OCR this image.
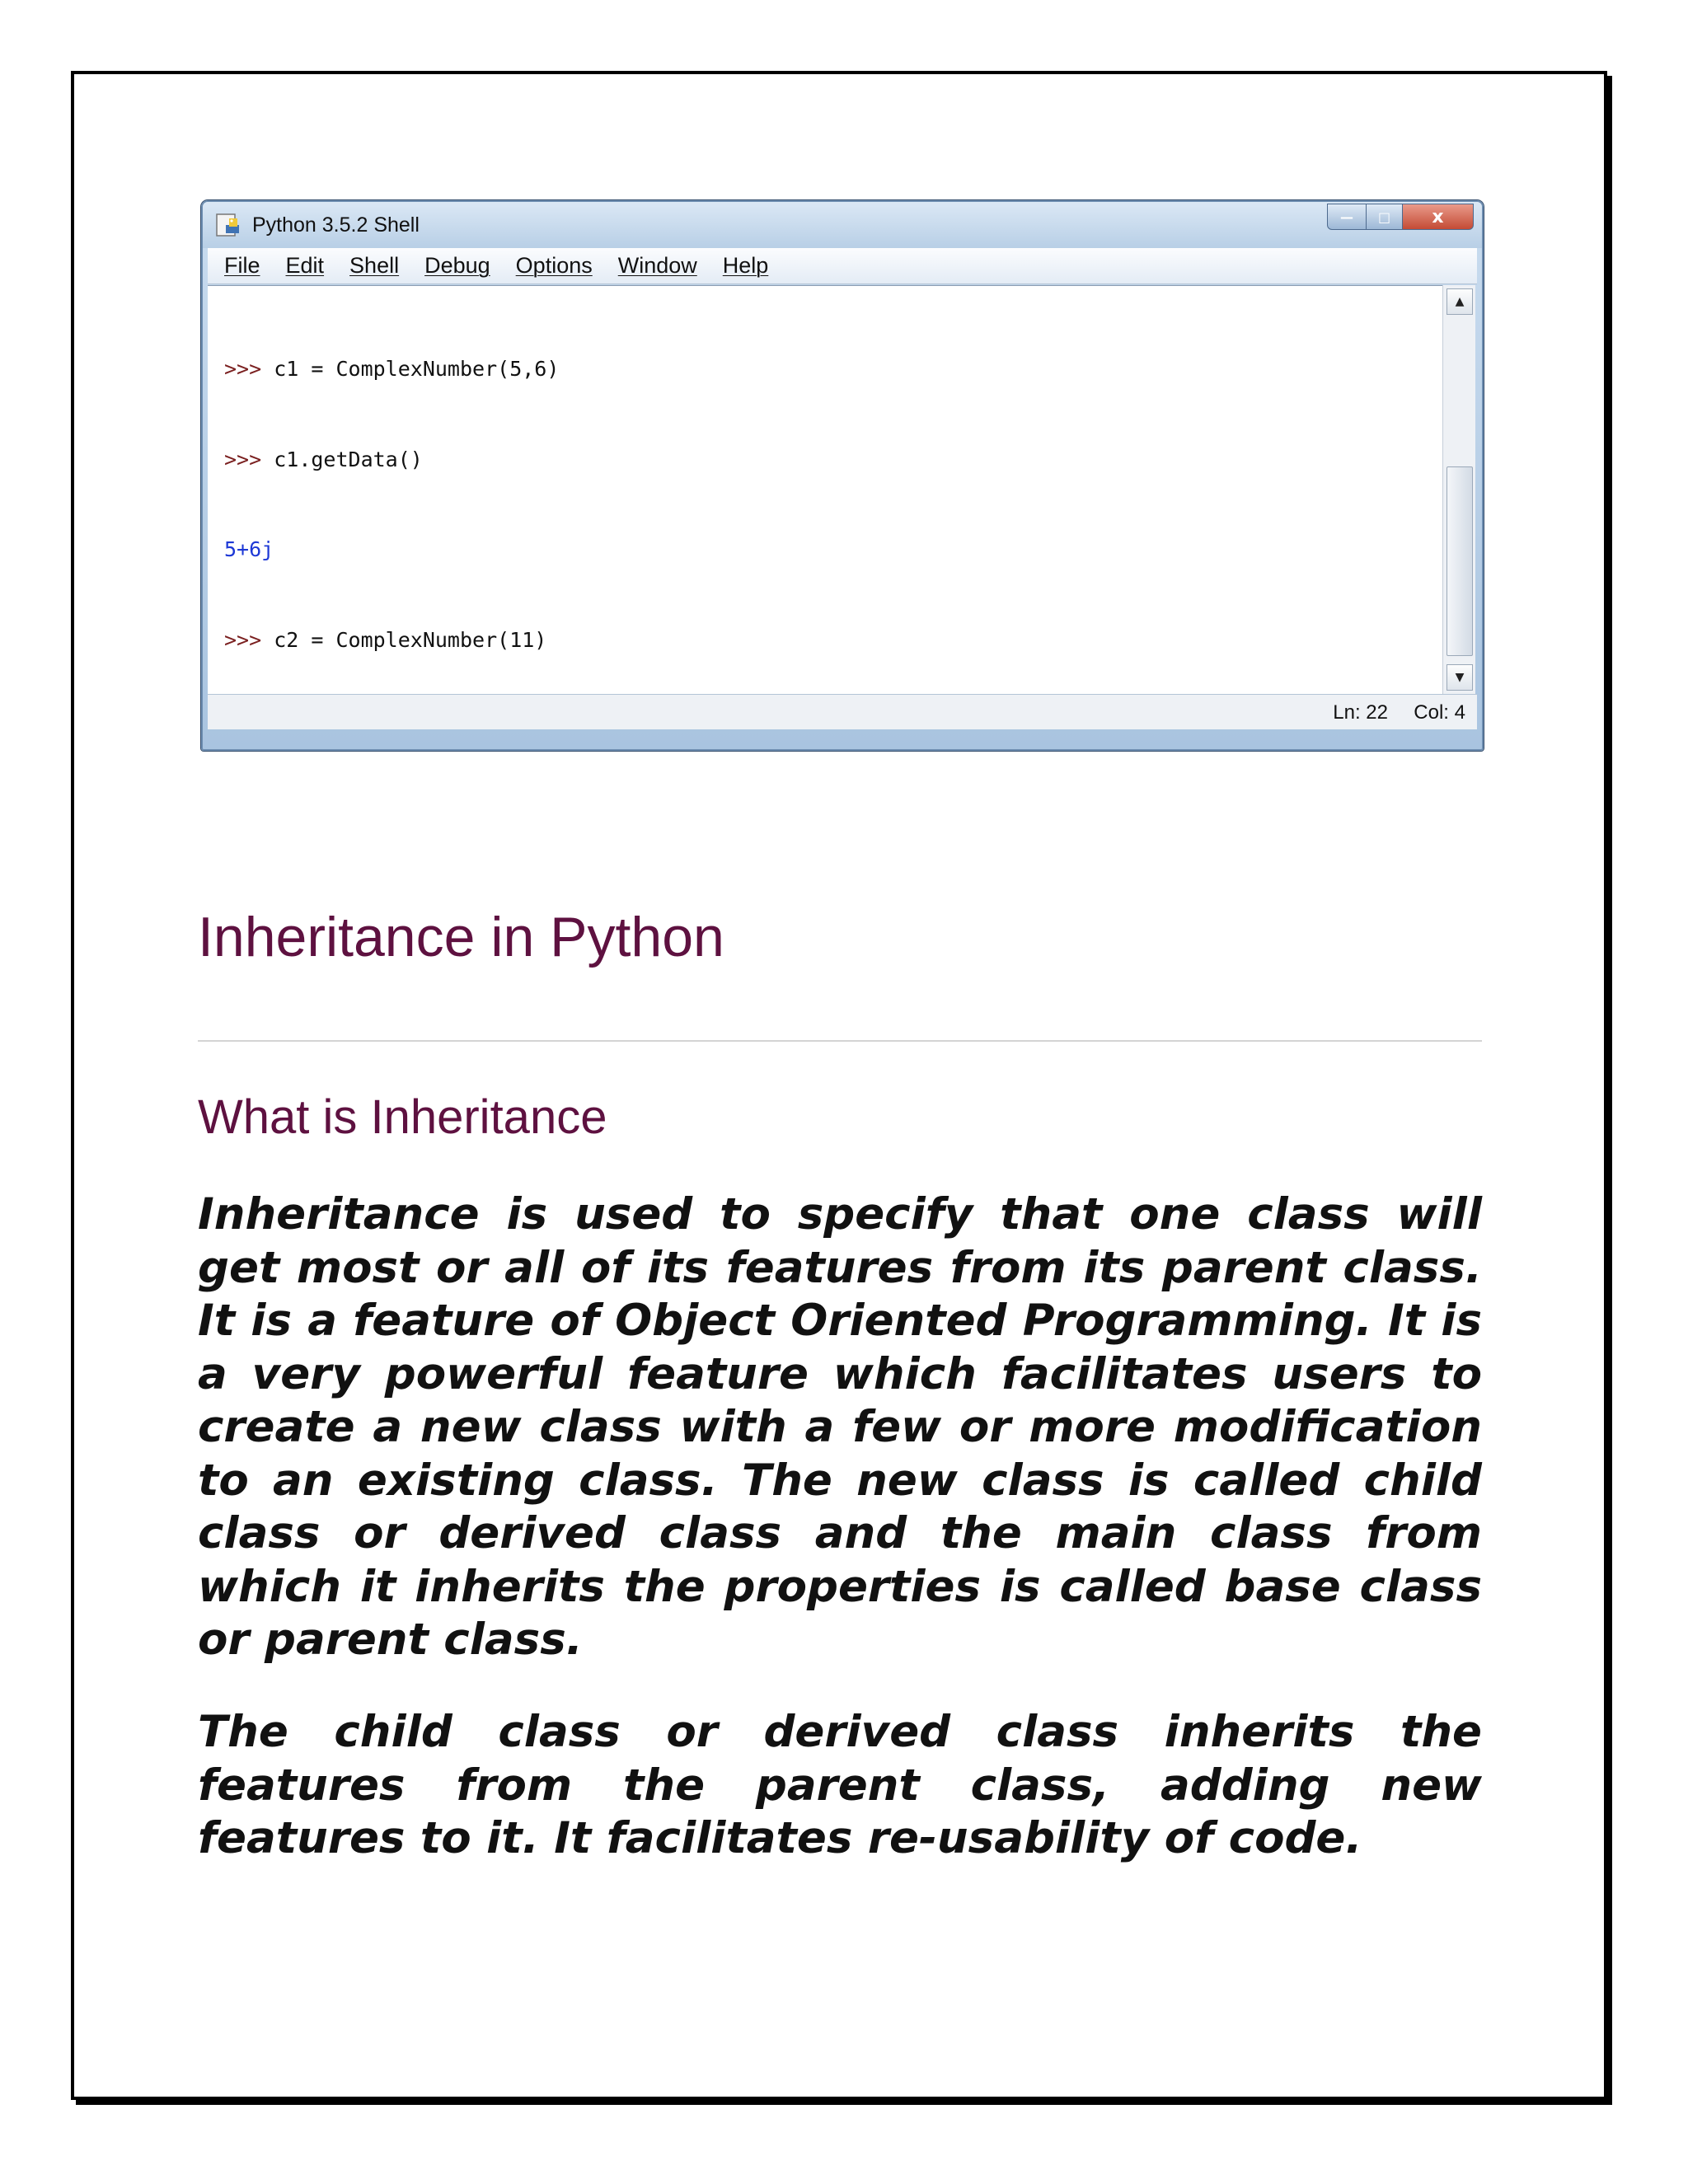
Python 3.5.2 Shell	— □ x
File Edit Shell Debug Options Window Help

>>> c1 = ComplexNumber(5,6)

>>> c1.getData()

5+6j

>>> c2 = ComplexNumber(11)

▲
▼
Ln: 22 Col: 4
Inheritance in Python
What is Inheritance

Inheritance is used to specify that one class will get most or all of its features from its parent class. It is a feature of Object Oriented Programming. It is a very powerful feature which facilitates users to create a new class with a few or more modification to an existing class. The new class is called child class or derived class and the main class from which it inherits the properties is called base class or parent class.

The child class or derived class inherits the features from the parent class, adding new features to it. It facilitates re-usability of code.
